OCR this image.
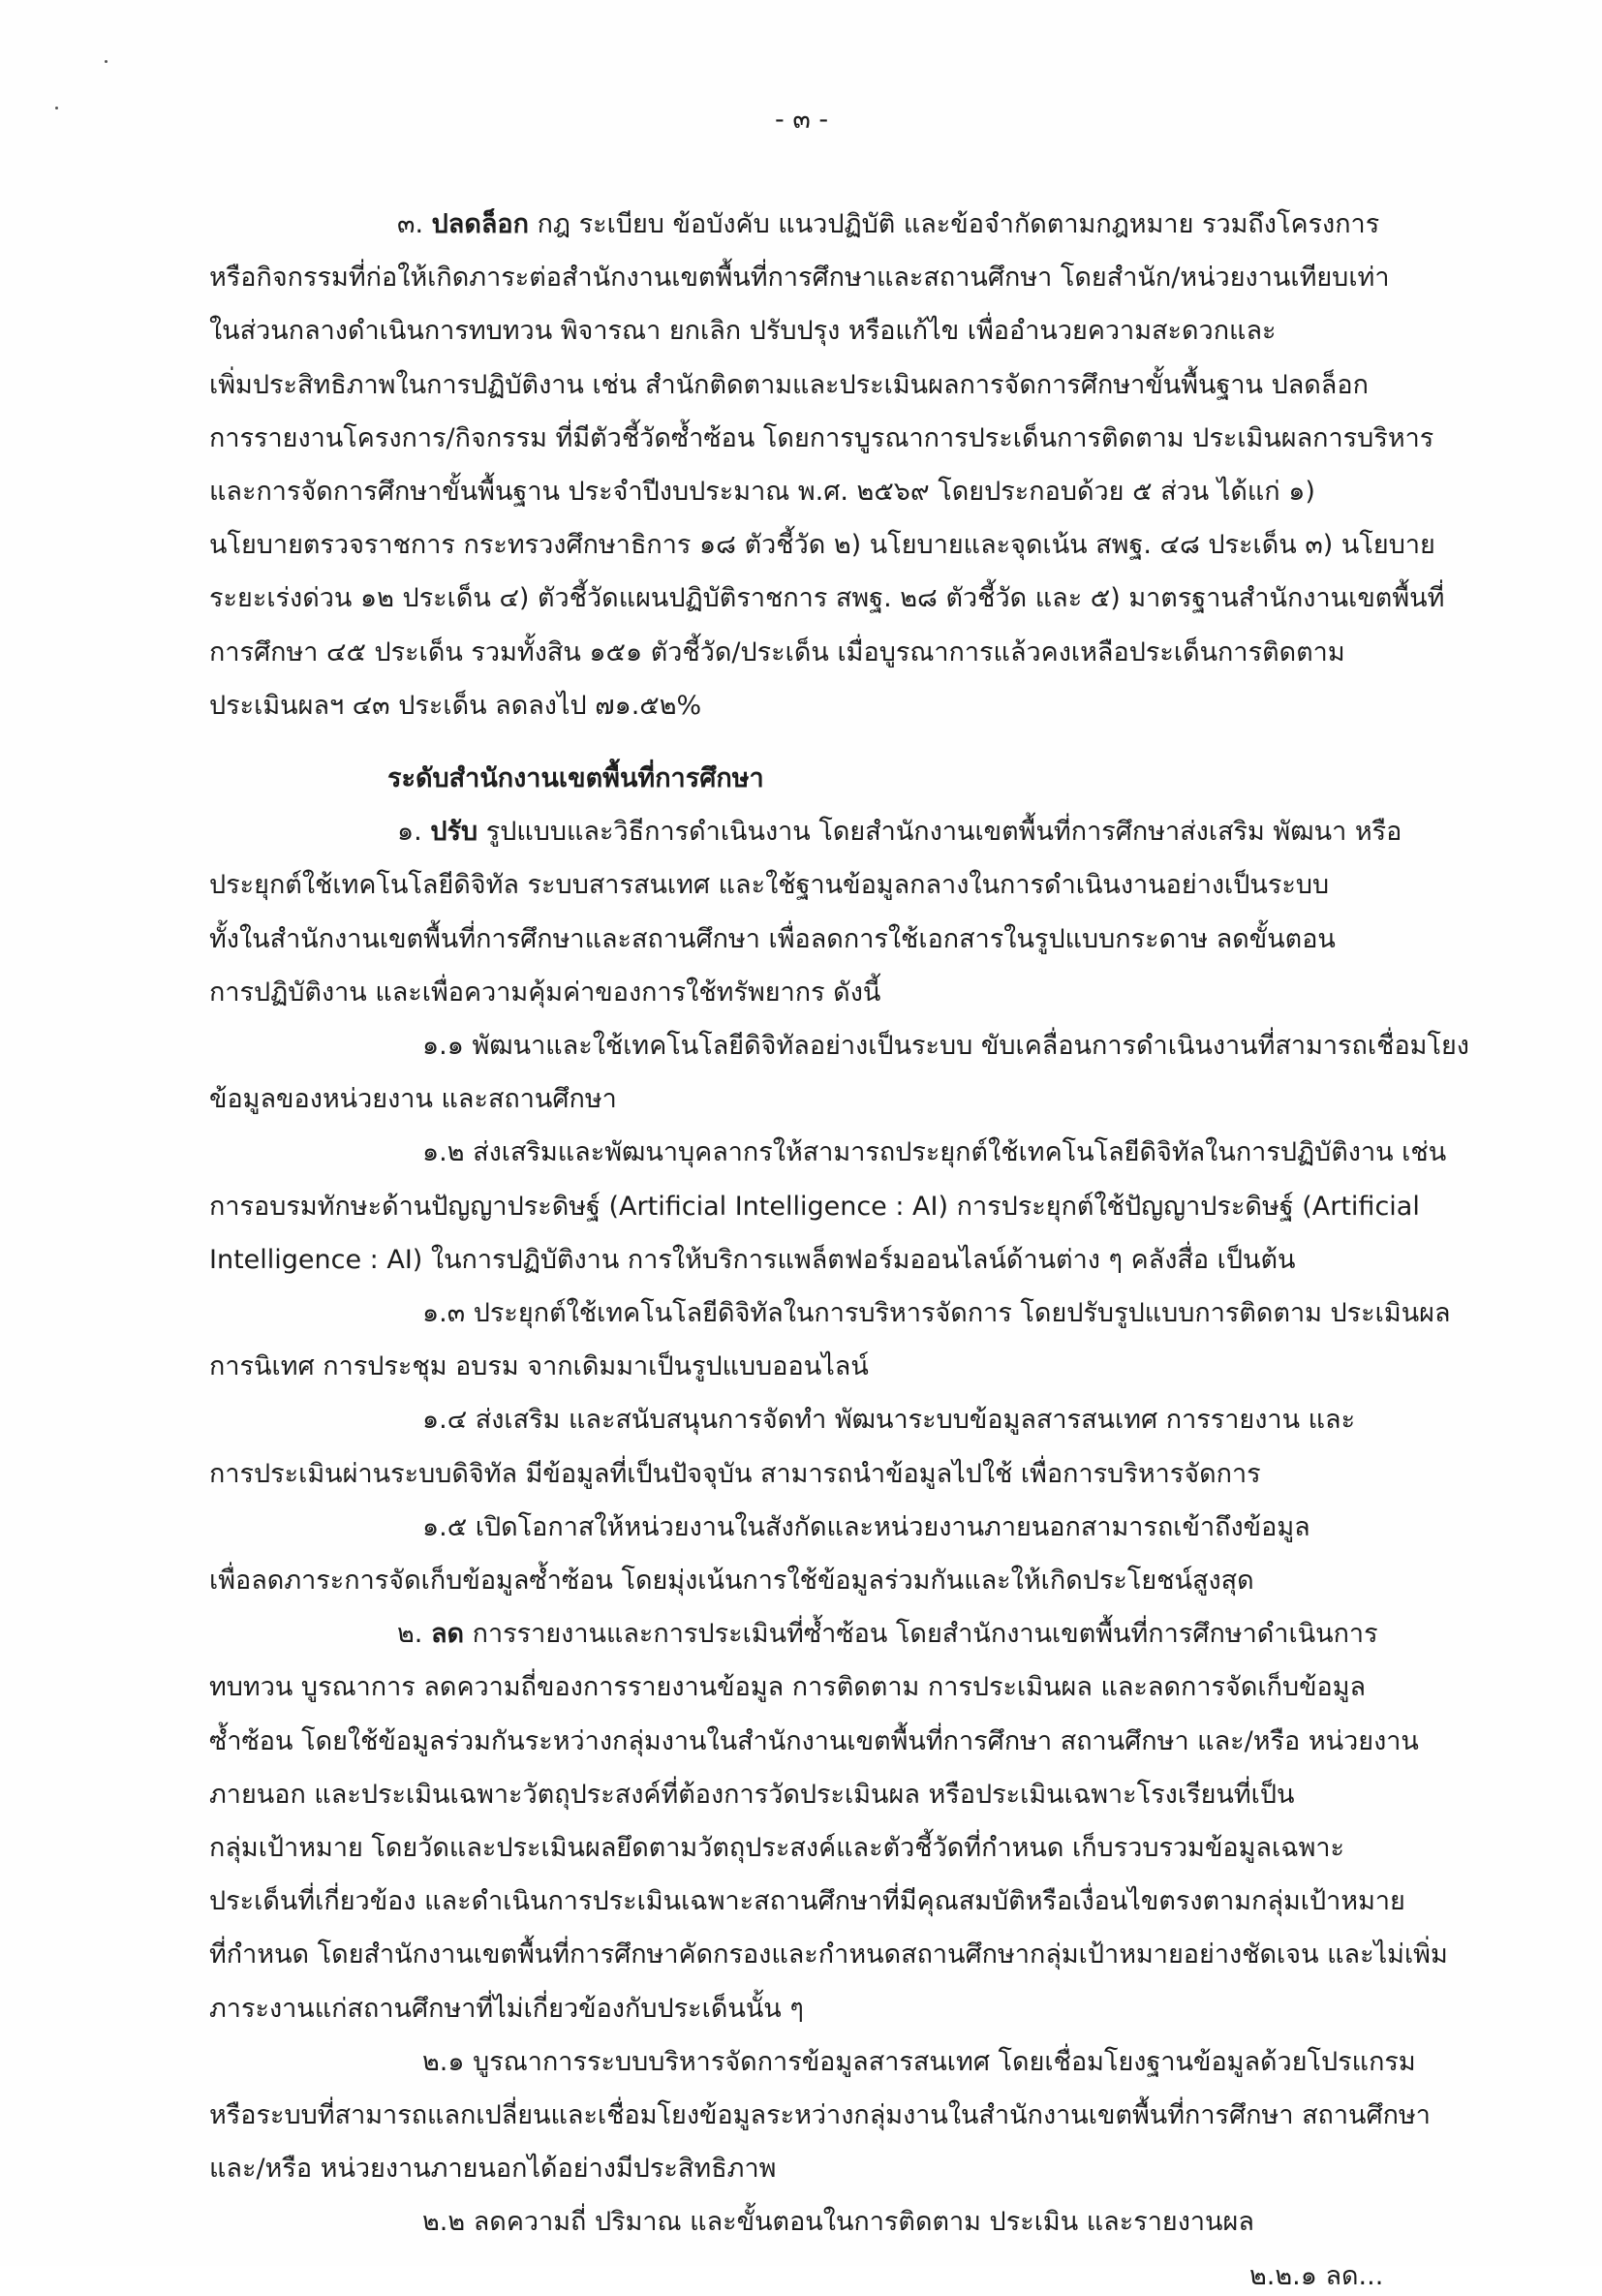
- ๓ -
๓. ปลดล็อก กฎ ระเบียบ ข้อบังคับ แนวปฏิบัติ และข้อจำกัดตามกฎหมาย รวมถึงโครงการ
หรือกิจกรรมที่ก่อให้เกิดภาระต่อสำนักงานเขตพื้นที่การศึกษาและสถานศึกษา โดยสำนัก/หน่วยงานเทียบเท่า
ในส่วนกลางดำเนินการทบทวน พิจารณา ยกเลิก ปรับปรุง หรือแก้ไข เพื่ออำนวยความสะดวกและ
เพิ่มประสิทธิภาพในการปฏิบัติงาน เช่น สำนักติดตามและประเมินผลการจัดการศึกษาขั้นพื้นฐาน ปลดล็อก
การรายงานโครงการ/กิจกรรม ที่มีตัวชี้วัดซ้ำซ้อน โดยการบูรณาการประเด็นการติดตาม ประเมินผลการบริหาร
และการจัดการศึกษาขั้นพื้นฐาน ประจำปีงบประมาณ พ.ศ. ๒๕๖๙ โดยประกอบด้วย ๕ ส่วน ได้แก่ ๑)
นโยบายตรวจราชการ กระทรวงศึกษาธิการ ๑๘ ตัวชี้วัด ๒) นโยบายและจุดเน้น สพฐ. ๔๘ ประเด็น ๓) นโยบาย
ระยะเร่งด่วน ๑๒ ประเด็น ๔) ตัวชี้วัดแผนปฏิบัติราชการ สพฐ. ๒๘ ตัวชี้วัด และ ๕) มาตรฐานสำนักงานเขตพื้นที่
การศึกษา ๔๕ ประเด็น รวมทั้งสิน ๑๕๑ ตัวชี้วัด/ประเด็น เมื่อบูรณาการแล้วคงเหลือประเด็นการติดตาม
ประเมินผลฯ ๔๓ ประเด็น ลดลงไป ๗๑.๕๒%
ระดับสำนักงานเขตพื้นที่การศึกษา
๑. ปรับ รูปแบบและวิธีการดำเนินงาน โดยสำนักงานเขตพื้นที่การศึกษาส่งเสริม พัฒนา หรือ
ประยุกต์ใช้เทคโนโลยีดิจิทัล ระบบสารสนเทศ และใช้ฐานข้อมูลกลางในการดำเนินงานอย่างเป็นระบบ
ทั้งในสำนักงานเขตพื้นที่การศึกษาและสถานศึกษา เพื่อลดการใช้เอกสารในรูปแบบกระดาษ ลดขั้นตอน
การปฏิบัติงาน และเพื่อความคุ้มค่าของการใช้ทรัพยากร ดังนี้
๑.๑ พัฒนาและใช้เทคโนโลยีดิจิทัลอย่างเป็นระบบ ขับเคลื่อนการดำเนินงานที่สามารถเชื่อมโยง
ข้อมูลของหน่วยงาน และสถานศึกษา
๑.๒ ส่งเสริมและพัฒนาบุคลากรให้สามารถประยุกต์ใช้เทคโนโลยีดิจิทัลในการปฏิบัติงาน เช่น
การอบรมทักษะด้านปัญญาประดิษฐ์ (Artificial Intelligence : AI) การประยุกต์ใช้ปัญญาประดิษฐ์ (Artificial
Intelligence : AI) ในการปฏิบัติงาน การให้บริการแพล็ตฟอร์มออนไลน์ด้านต่าง ๆ คลังสื่อ เป็นต้น
๑.๓ ประยุกต์ใช้เทคโนโลยีดิจิทัลในการบริหารจัดการ โดยปรับรูปแบบการติดตาม ประเมินผล
การนิเทศ การประชุม อบรม จากเดิมมาเป็นรูปแบบออนไลน์
๑.๔ ส่งเสริม และสนับสนุนการจัดทำ พัฒนาระบบข้อมูลสารสนเทศ การรายงาน และ
การประเมินผ่านระบบดิจิทัล มีข้อมูลที่เป็นปัจจุบัน สามารถนำข้อมูลไปใช้ เพื่อการบริหารจัดการ
๑.๕ เปิดโอกาสให้หน่วยงานในสังกัดและหน่วยงานภายนอกสามารถเข้าถึงข้อมูล
เพื่อลดภาระการจัดเก็บข้อมูลซ้ำซ้อน โดยมุ่งเน้นการใช้ข้อมูลร่วมกันและให้เกิดประโยชน์สูงสุด
๒. ลด การรายงานและการประเมินที่ซ้ำซ้อน โดยสำนักงานเขตพื้นที่การศึกษาดำเนินการ
ทบทวน บูรณาการ ลดความถี่ของการรายงานข้อมูล การติดตาม การประเมินผล และลดการจัดเก็บข้อมูล
ซ้ำซ้อน โดยใช้ข้อมูลร่วมกันระหว่างกลุ่มงานในสำนักงานเขตพื้นที่การศึกษา สถานศึกษา และ/หรือ หน่วยงาน
ภายนอก และประเมินเฉพาะวัตถุประสงค์ที่ต้องการวัดประเมินผล หรือประเมินเฉพาะโรงเรียนที่เป็น
กลุ่มเป้าหมาย โดยวัดและประเมินผลยึดตามวัตถุประสงค์และตัวชี้วัดที่กำหนด เก็บรวบรวมข้อมูลเฉพาะ
ประเด็นที่เกี่ยวข้อง และดำเนินการประเมินเฉพาะสถานศึกษาที่มีคุณสมบัติหรือเงื่อนไขตรงตามกลุ่มเป้าหมาย
ที่กำหนด โดยสำนักงานเขตพื้นที่การศึกษาคัดกรองและกำหนดสถานศึกษากลุ่มเป้าหมายอย่างชัดเจน และไม่เพิ่ม
ภาระงานแก่สถานศึกษาที่ไม่เกี่ยวข้องกับประเด็นนั้น ๆ
๒.๑ บูรณาการระบบบริหารจัดการข้อมูลสารสนเทศ โดยเชื่อมโยงฐานข้อมูลด้วยโปรแกรม
หรือระบบที่สามารถแลกเปลี่ยนและเชื่อมโยงข้อมูลระหว่างกลุ่มงานในสำนักงานเขตพื้นที่การศึกษา สถานศึกษา
และ/หรือ หน่วยงานภายนอกได้อย่างมีประสิทธิภาพ
๒.๒ ลดความถี่ ปริมาณ และขั้นตอนในการติดตาม ประเมิน และรายงานผล
๒.๒.๑ ลด...
